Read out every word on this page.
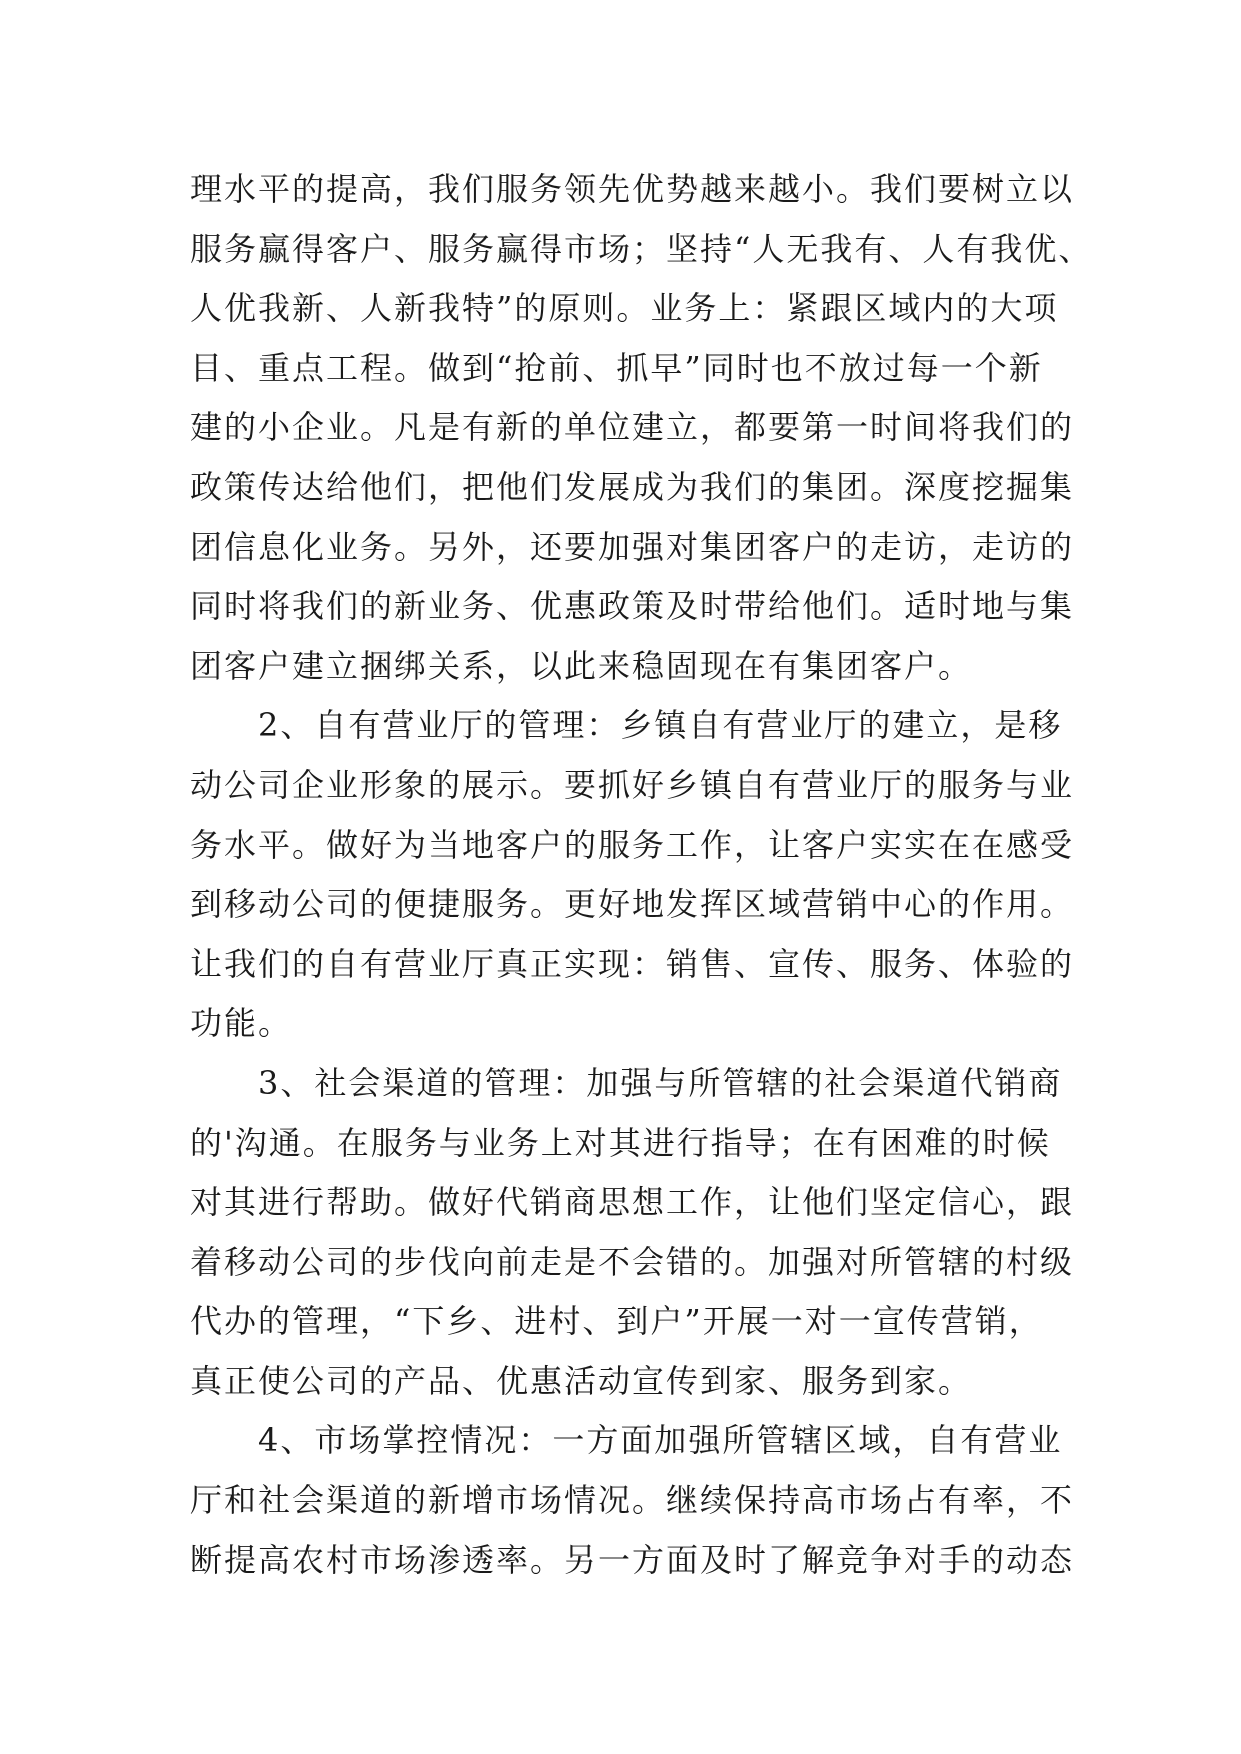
理水平的提高，我们服务领先优势越来越小。我们要树立以
服务赢得客户、服务赢得市场；坚持“人无我有、人有我优、
人优我新、人新我特”的原则。业务上：紧跟区域内的大项
目、重点工程。做到“抢前、抓早”同时也不放过每一个新
建的小企业。凡是有新的单位建立，都要第一时间将我们的
政策传达给他们，把他们发展成为我们的集团。深度挖掘集
团信息化业务。另外，还要加强对集团客户的走访，走访的
同时将我们的新业务、优惠政策及时带给他们。适时地与集
团客户建立捆绑关系，以此来稳固现在有集团客户。
　　2、自有营业厅的管理：乡镇自有营业厅的建立，是移
动公司企业形象的展示。要抓好乡镇自有营业厅的服务与业
务水平。做好为当地客户的服务工作，让客户实实在在感受
到移动公司的便捷服务。更好地发挥区域营销中心的作用。
让我们的自有营业厅真正实现：销售、宣传、服务、体验的
功能。
　　3、社会渠道的管理：加强与所管辖的社会渠道代销商
的'沟通。在服务与业务上对其进行指导；在有困难的时候
对其进行帮助。做好代销商思想工作，让他们坚定信心，跟
着移动公司的步伐向前走是不会错的。加强对所管辖的村级
代办的管理，“下乡、进村、到户”开展一对一宣传营销，
真正使公司的产品、优惠活动宣传到家、服务到家。
　　4、市场掌控情况：一方面加强所管辖区域，自有营业
厅和社会渠道的新增市场情况。继续保持高市场占有率，不
断提高农村市场渗透率。另一方面及时了解竞争对手的动态
